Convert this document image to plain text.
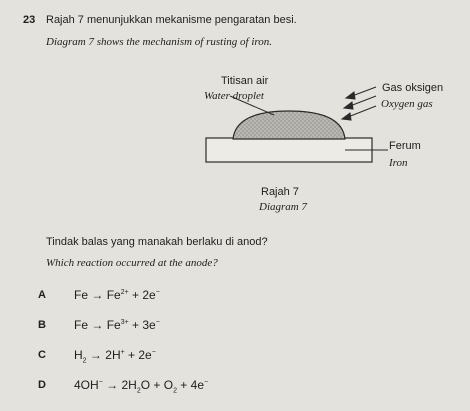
23 Rajah 7 menunjukkan mekanisme pengaratan besi.
Diagram 7 shows the mechanism of rusting of iron.
Titisan air
Water droplet
Gas oksigen
Oxygen gas
Ferum
Iron
Rajah 7
Diagram 7
Tindak balas yang manakah berlaku di anod?
Which reaction occurred at the anode?
A $Fe \to Fe^{2+} + 2e^-$
B $Fe \to Fe^{3+} + 3e^-$
C $H_2 \to 2H^+ + 2e^-$
D $4OH^- \to 2H_2O + O_2 + 4e^-$
